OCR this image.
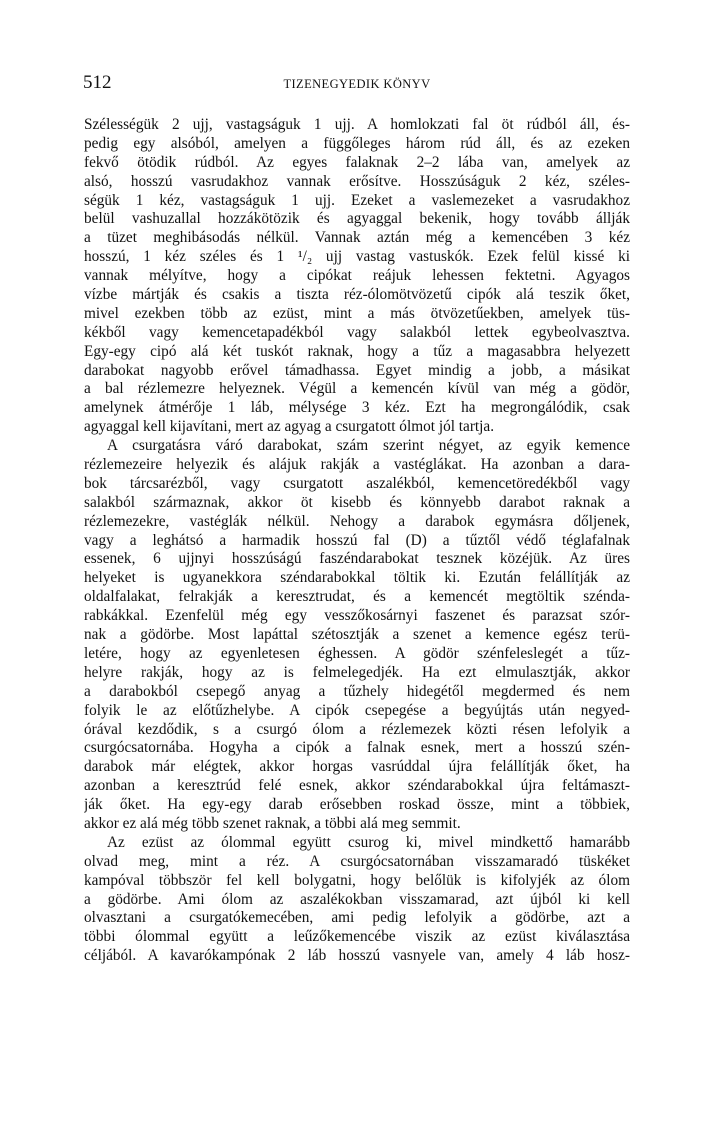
512	TIZENEGYEDIK KÖNYV
Szélességük 2 ujj, vastagságuk 1 ujj. A homlokzati fal öt rúdból áll, és-
pedig egy alsóból, amelyen a függőleges három rúd áll, és az ezeken
fekvő ötödik rúdból. Az egyes falaknak 2–2 lába van, amelyek az
alsó, hosszú vasrudakhoz vannak erősítve. Hosszúságuk 2 kéz, széles-
ségük 1 kéz, vastagságuk 1 ujj. Ezeket a vaslemezeket a vasrudakhoz
belül vashuzallal hozzákötözik és agyaggal bekenik, hogy tovább állják
a tüzet meghibásodás nélkül. Vannak aztán még a kemencében 3 kéz
hosszú, 1 kéz széles és 1 ¹/₂ ujj vastag vastuskók. Ezek felül kissé ki
vannak mélyítve, hogy a cipókat reájuk lehessen fektetni. Agyagos
vízbe mártják és csakis a tiszta réz-ólomötvözetű cipók alá teszik őket,
mivel ezekben több az ezüst, mint a más ötvözetűekben, amelyek tüs-
kékből vagy kemencetapadékból vagy salakból lettek egybeolvasztva.
Egy-egy cipó alá két tuskót raknak, hogy a tűz a magasabbra helyezett
darabokat nagyobb erővel támadhassa. Egyet mindig a jobb, a másikat
a bal rézlemezre helyeznek. Végül a kemencén kívül van még a gödör,
amelynek átmérője 1 láb, mélysége 3 kéz. Ezt ha megrongálódik, csak
agyaggal kell kijavítani, mert az agyag a csurgatott ólmot jól tartja.
A csurgatásra váró darabokat, szám szerint négyet, az egyik kemence
rézlemezeire helyezik és alájuk rakják a vastéglákat. Ha azonban a dara-
bok tárcsarézből, vagy csurgatott aszalékból, kemencetöredékből vagy
salakból származnak, akkor öt kisebb és könnyebb darabot raknak a
rézlemezekre, vastéglák nélkül. Nehogy a darabok egymásra dőljenek,
vagy a leghátsó a harmadik hosszú fal (D) a tűztől védő téglafalnak
essenek, 6 ujjnyi hosszúságú faszéndarabokat tesznek közéjük. Az üres
helyeket is ugyanekkora széndarabokkal töltik ki. Ezután felállítják az
oldalfalakat, felrakják a keresztrudat, és a kemencét megtöltik szénda-
rabkákkal. Ezenfelül még egy vesszőkosárnyi faszenet és parazsat szór-
nak a gödörbe. Most lapáttal szétosztják a szenet a kemence egész terü-
letére, hogy az egyenletesen éghessen. A gödör szénfeleslegét a tűz-
helyre rakják, hogy az is felmelegedjék. Ha ezt elmulasztják, akkor
a darabokból csepegő anyag a tűzhely hidegétől megdermed és nem
folyik le az előtűzhelybe. A cipók csepegése a begyújtás után negyed-
órával kezdődik, s a csurgó ólom a rézlemezek közti résen lefolyik a
csurgócsatornába. Hogyha a cipók a falnak esnek, mert a hosszú szén-
darabok már elégtek, akkor horgas vasrúddal újra felállítják őket, ha
azonban a keresztrúd felé esnek, akkor széndarabokkal újra feltámaszt-
ják őket. Ha egy-egy darab erősebben roskad össze, mint a többiek,
akkor ez alá még több szenet raknak, a többi alá meg semmit.
Az ezüst az ólommal együtt csurog ki, mivel mindkettő hamarább
olvad meg, mint a réz. A csurgócsatornában visszamaradó tüskéket
kampóval többször fel kell bolygatni, hogy belőlük is kifolyjék az ólom
a gödörbe. Ami ólom az aszalékokban visszamarad, azt újból ki kell
olvasztani a csurgatókemecében, ami pedig lefolyik a gödörbe, azt a
többi ólommal együtt a leűzőkemencébe viszik az ezüst kiválasztása
céljából. A kavarókampónak 2 láb hosszú vasnyele van, amely 4 láb hosz-
